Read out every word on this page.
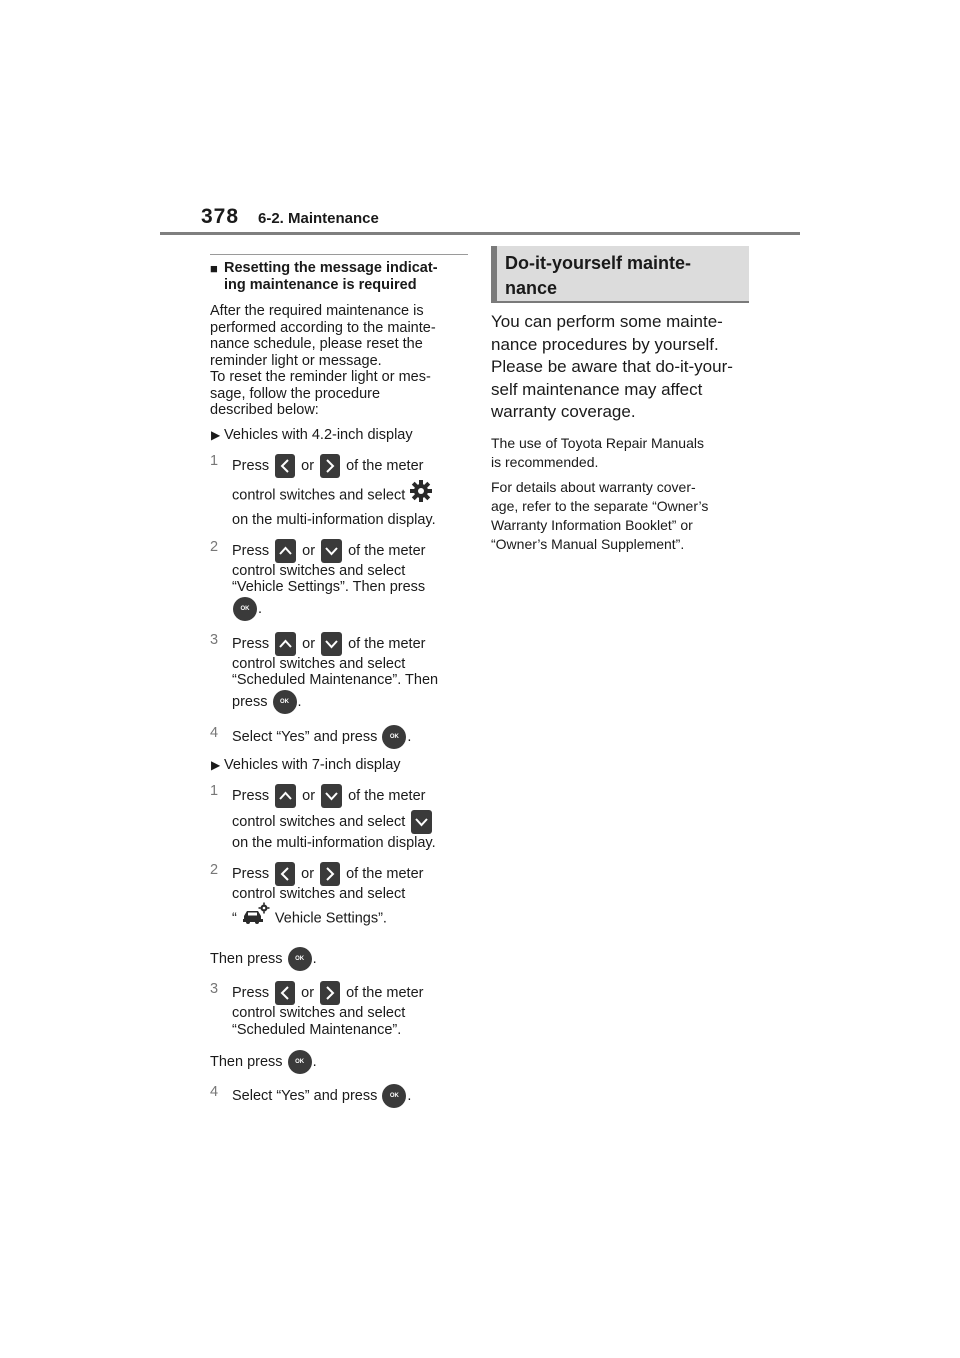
378 6-2. Maintenance
■ Resetting the message indicat-
ing maintenance is required
After the required maintenance is
performed according to the mainte-
nance schedule, please reset the
reminder light or message.
To reset the reminder light or mes-
sage, follow the procedure
described below:
▶ Vehicles with 4.2-inch display
1 Press or of the meter
control switches and select
on the multi-information display.
2 Press or of the meter
control switches and select
“Vehicle Settings”. Then press
OK .
3 Press or of the meter
control switches and select
“Scheduled Maintenance”. Then
press OK .
4 Select “Yes” and press OK .
▶ Vehicles with 7-inch display
1 Press or of the meter
control switches and select
on the multi-information display.
2 Press or of the meter
control switches and select
“	Vehicle Settings”.
Then press OK .
3 Press or of the meter
control switches and select
“Scheduled Maintenance”.
Then press OK .
4 Select “Yes” and press OK .
Do-it-yourself mainte-
nance
You can perform some mainte-
nance procedures by yourself.
Please be aware that do-it-your-
self maintenance may affect
warranty coverage.
The use of Toyota Repair Manuals
is recommended.
For details about warranty cover-
age, refer to the separate “Owner’s
Warranty Information Booklet” or
“Owner’s Manual Supplement”.
